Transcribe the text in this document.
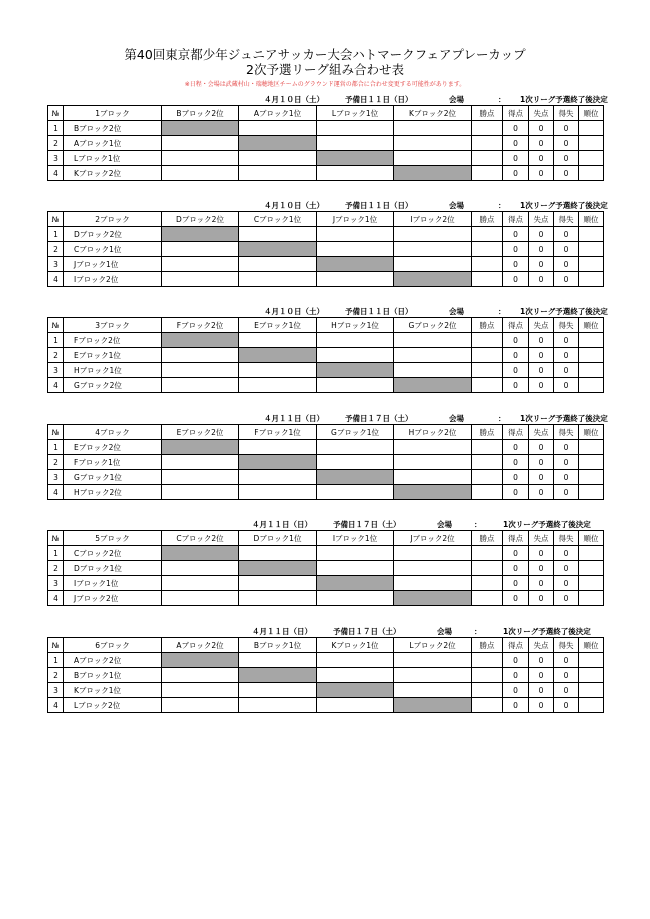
第40回東京都少年ジュニアサッカー大会ハトマークフェアプレーカップ
2次予選リーグ組み合わせ表
※日程・会場は武蔵村山・瑞穂地区チームのグラウンド運営の都合に合わせ変更する可能性があります。
４月１０日（土）	予備日１１日（日）	会場	： 1次リーグ予選終了後決定
№	1ブロック	Bブロック2位	Aブロック1位	Lブロック1位	Kブロック2位	勝点	得点	失点	得失	順位
1	Bブロック2位						0	0	0	
2	Aブロック1位						0	0	0	
3	Lブロック1位						0	0	0	
4	Kブロック2位						0	0	0	
４月１０日（土）	予備日１１日（日）	会場	： 1次リーグ予選終了後決定
№	2ブロック	Dブロック2位	Cブロック1位	Jブロック1位	Iブロック2位	勝点	得点	失点	得失	順位
1	Dブロック2位						0	0	0	
2	Cブロック1位						0	0	0	
3	Jブロック1位						0	0	0	
4	Iブロック2位						0	0	0	
４月１０日（土）	予備日１１日（日）	会場	： 1次リーグ予選終了後決定
№	3ブロック	Fブロック2位	Eブロック1位	Hブロック1位	Gブロック2位	勝点	得点	失点	得失	順位
1	Fブロック2位						0	0	0	
2	Eブロック1位						0	0	0	
3	Hブロック1位						0	0	0	
4	Gブロック2位						0	0	0	
４月１１日（日）	予備日１７日（土）	会場	： 1次リーグ予選終了後決定
№	4ブロック	Eブロック2位	Fブロック1位	Gブロック1位	Hブロック2位	勝点	得点	失点	得失	順位
1	Eブロック2位						0	0	0	
2	Fブロック1位						0	0	0	
3	Gブロック1位						0	0	0	
4	Hブロック2位						0	0	0	
４月１１日（日）	予備日１７日（土）	会場	：	1次リーグ予選終了後決定
№	5ブロック	Cブロック2位	Dブロック1位	Iブロック1位	Jブロック2位	勝点	得点	失点	得失	順位
1	Cブロック2位						0	0	0	
2	Dブロック1位						0	0	0	
3	Iブロック1位						0	0	0	
4	Jブロック2位						0	0	0	
４月１１日（日）	予備日１７日（土）	会場	：	1次リーグ予選終了後決定
№	6ブロック	Aブロック2位	Bブロック1位	Kブロック1位	Lブロック2位	勝点	得点	失点	得失	順位
1	Aブロック2位						0	0	0	
2	Bブロック1位						0	0	0	
3	Kブロック1位						0	0	0	
4	Lブロック2位						0	0	0	
